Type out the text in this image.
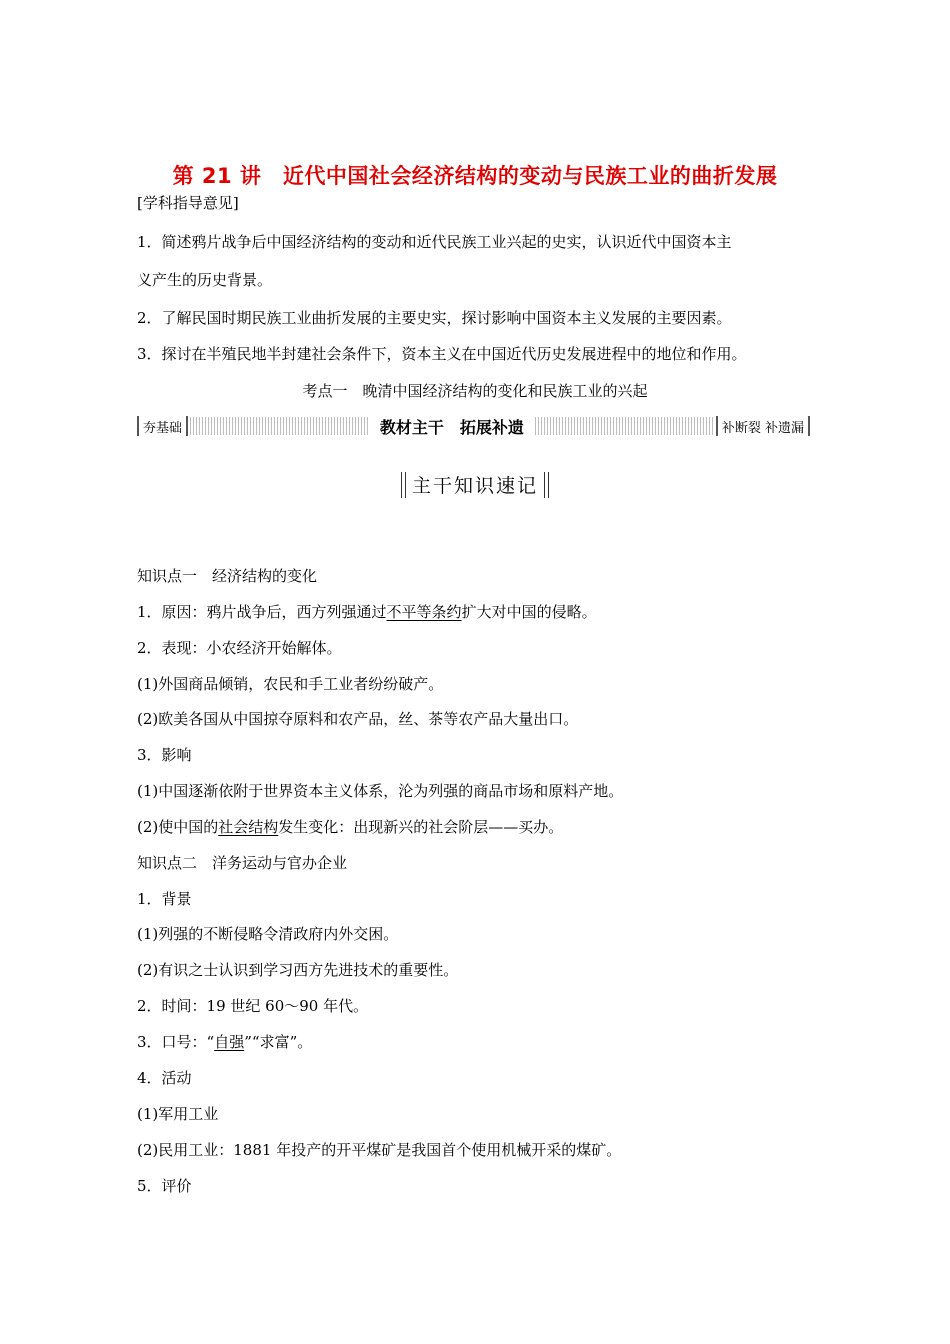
第 21 讲　近代中国社会经济结构的变动与民族工业的曲折发展
[学科指导意见]
1．简述鸦片战争后中国经济结构的变动和近代民族工业兴起的史实，认识近代中国资本主
义产生的历史背景。
2．了解民国时期民族工业曲折发展的主要史实，探讨影响中国资本主义发展的主要因素。
3．探讨在半殖民地半封建社会条件下，资本主义在中国近代历史发展进程中的地位和作用。
考点一　晚清中国经济结构的变化和民族工业的兴起
夯基础	教材主干　拓展补遗	补断裂 补遗漏
主干知识速记
知识点一　经济结构的变化
1．原因：鸦片战争后，西方列强通过不平等条约扩大对中国的侵略。
2．表现：小农经济开始解体。
(1)外国商品倾销，农民和手工业者纷纷破产。
(2)欧美各国从中国掠夺原料和农产品，丝、茶等农产品大量出口。
3．影响
(1)中国逐渐依附于世界资本主义体系，沦为列强的商品市场和原料产地。
(2)使中国的社会结构发生变化：出现新兴的社会阶层——买办。
知识点二　洋务运动与官办企业
1．背景
(1)列强的不断侵略令清政府内外交困。
(2)有识之士认识到学习西方先进技术的重要性。
2．时间：19 世纪 60～90 年代。
3．口号：“自强”“求富”。
4．活动
(1)军用工业
(2)民用工业：1881 年投产的开平煤矿是我国首个使用机械开采的煤矿。
5．评价
